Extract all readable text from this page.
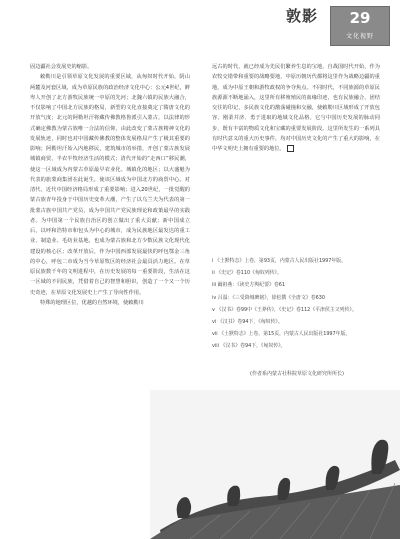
敦影	29
文化视野

固边疆社会发展史的缩影。

敕勒川是引领草原文化发展的重要区域，从匈奴时代开始，阴山两麓及河套区域，成为草原民族的政治经济文化中心：公元4世纪，鲜卑人开创了北方游牧民族统一中原的先河；北魏六镇的民族大融合，不仅影响了中国北方民族的格局，新型的文化直接奠定了隋唐文化的开放气度；北元的阿勒坦汗将藏传佛教格鲁派引入蒙古，以法律的形式确定佛教为蒙古族唯一合法的信仰，由此改变了蒙古族精神文化的发展轨迹，同时也对中国藏传佛教的整体发展格局产生了极其重要的影响；阿勒坦汗始入内地移民，建筑城市的举措，开创了蒙古族发展城镇商贸、半农半牧经济生活的模式；清代开始的“走西口”移民潮，使这一区域成为内蒙古草原最早农业化、城镇化的地区；以大盛魁为代表的旅蒙商集团在此诞生，使该区域成为中国北方的商贸中心。对清代、近代中国经济格局形成了重要影响；进入20世纪，一批觉醒的蒙古族青年投身于中国历史变革大潮，产生了以乌兰夫为代表的第一批蒙古族中国共产党员，成为中国共产党民族理论和政策最早的实践者。为中国第一个民族自治区的创立做出了重大贡献；新中国成立后，以呼和浩特市和包头为中心的城市，成为民族地区最发达的重工业、制造业、毛纺业基地，也成为蒙古族和北方少数民族文化现代化建设的核心区；改革开放后，作为中国西部发展最快的呼包鄂金三角的中心，呼包二市成为当今草原牧区的经济社会最具活力地区。在草原民族数千年的文明进程中，在历史发展的每一重要阶段，生活在这一区域的不同民族，凭借着自己的智慧和胆识，创造了一个又一个历史奇迹，在草原文化发展史上产生了导向性作用。

特殊的地理区位，优越的自然环境，使敕勒川

远古的时代，就已经成为先民们繁养生息的宝地，自战国时代开始，作为农牧交错带和重要的战略要地，中原历朝历代都将这里作为战略边疆的重地，成为中原王朝和游牧政权的争夺焦点。不同时代，不同族源的草原民族源源不断地涌入，这里所有移殖殖民的血缘印迹，也有民族融合、团结交往的印记，多民族文化的激荡碰撞和交融，使敕勒川区域形成了开放包容、刚柔并济、勇于进取的地域文化品格。它与中国历史发展的脉动同步，既有丰富的物质文化和宝藏的重要发展阶段。这里所发生的一系列具有时代意义的重大历史事件，均对中国历史文化的产生了重大的影响，在中华文明史上拥有重要的地位。

i 《土默特志》上卷，第93页，内蒙古人民出版社1997年版。
ii 《史记》卷110《匈奴列传》。
iii 阚祖燕：《读史方舆纪要》卷61
iv 吕温：《三受降城碑铭》，徐松撰《全唐文》卷630
v 《汉书》卷99中《王莽传》，《史记》卷112《平津侯主父列传》。
vi 《汉书》卷94下，《匈奴传》。
vii 《土默特志》上卷，第15页，内蒙古人民出版社1997年版。
viii 《汉书》卷94下，《匈奴传》。
(作者系内蒙古社科院草原文化研究所所长)
